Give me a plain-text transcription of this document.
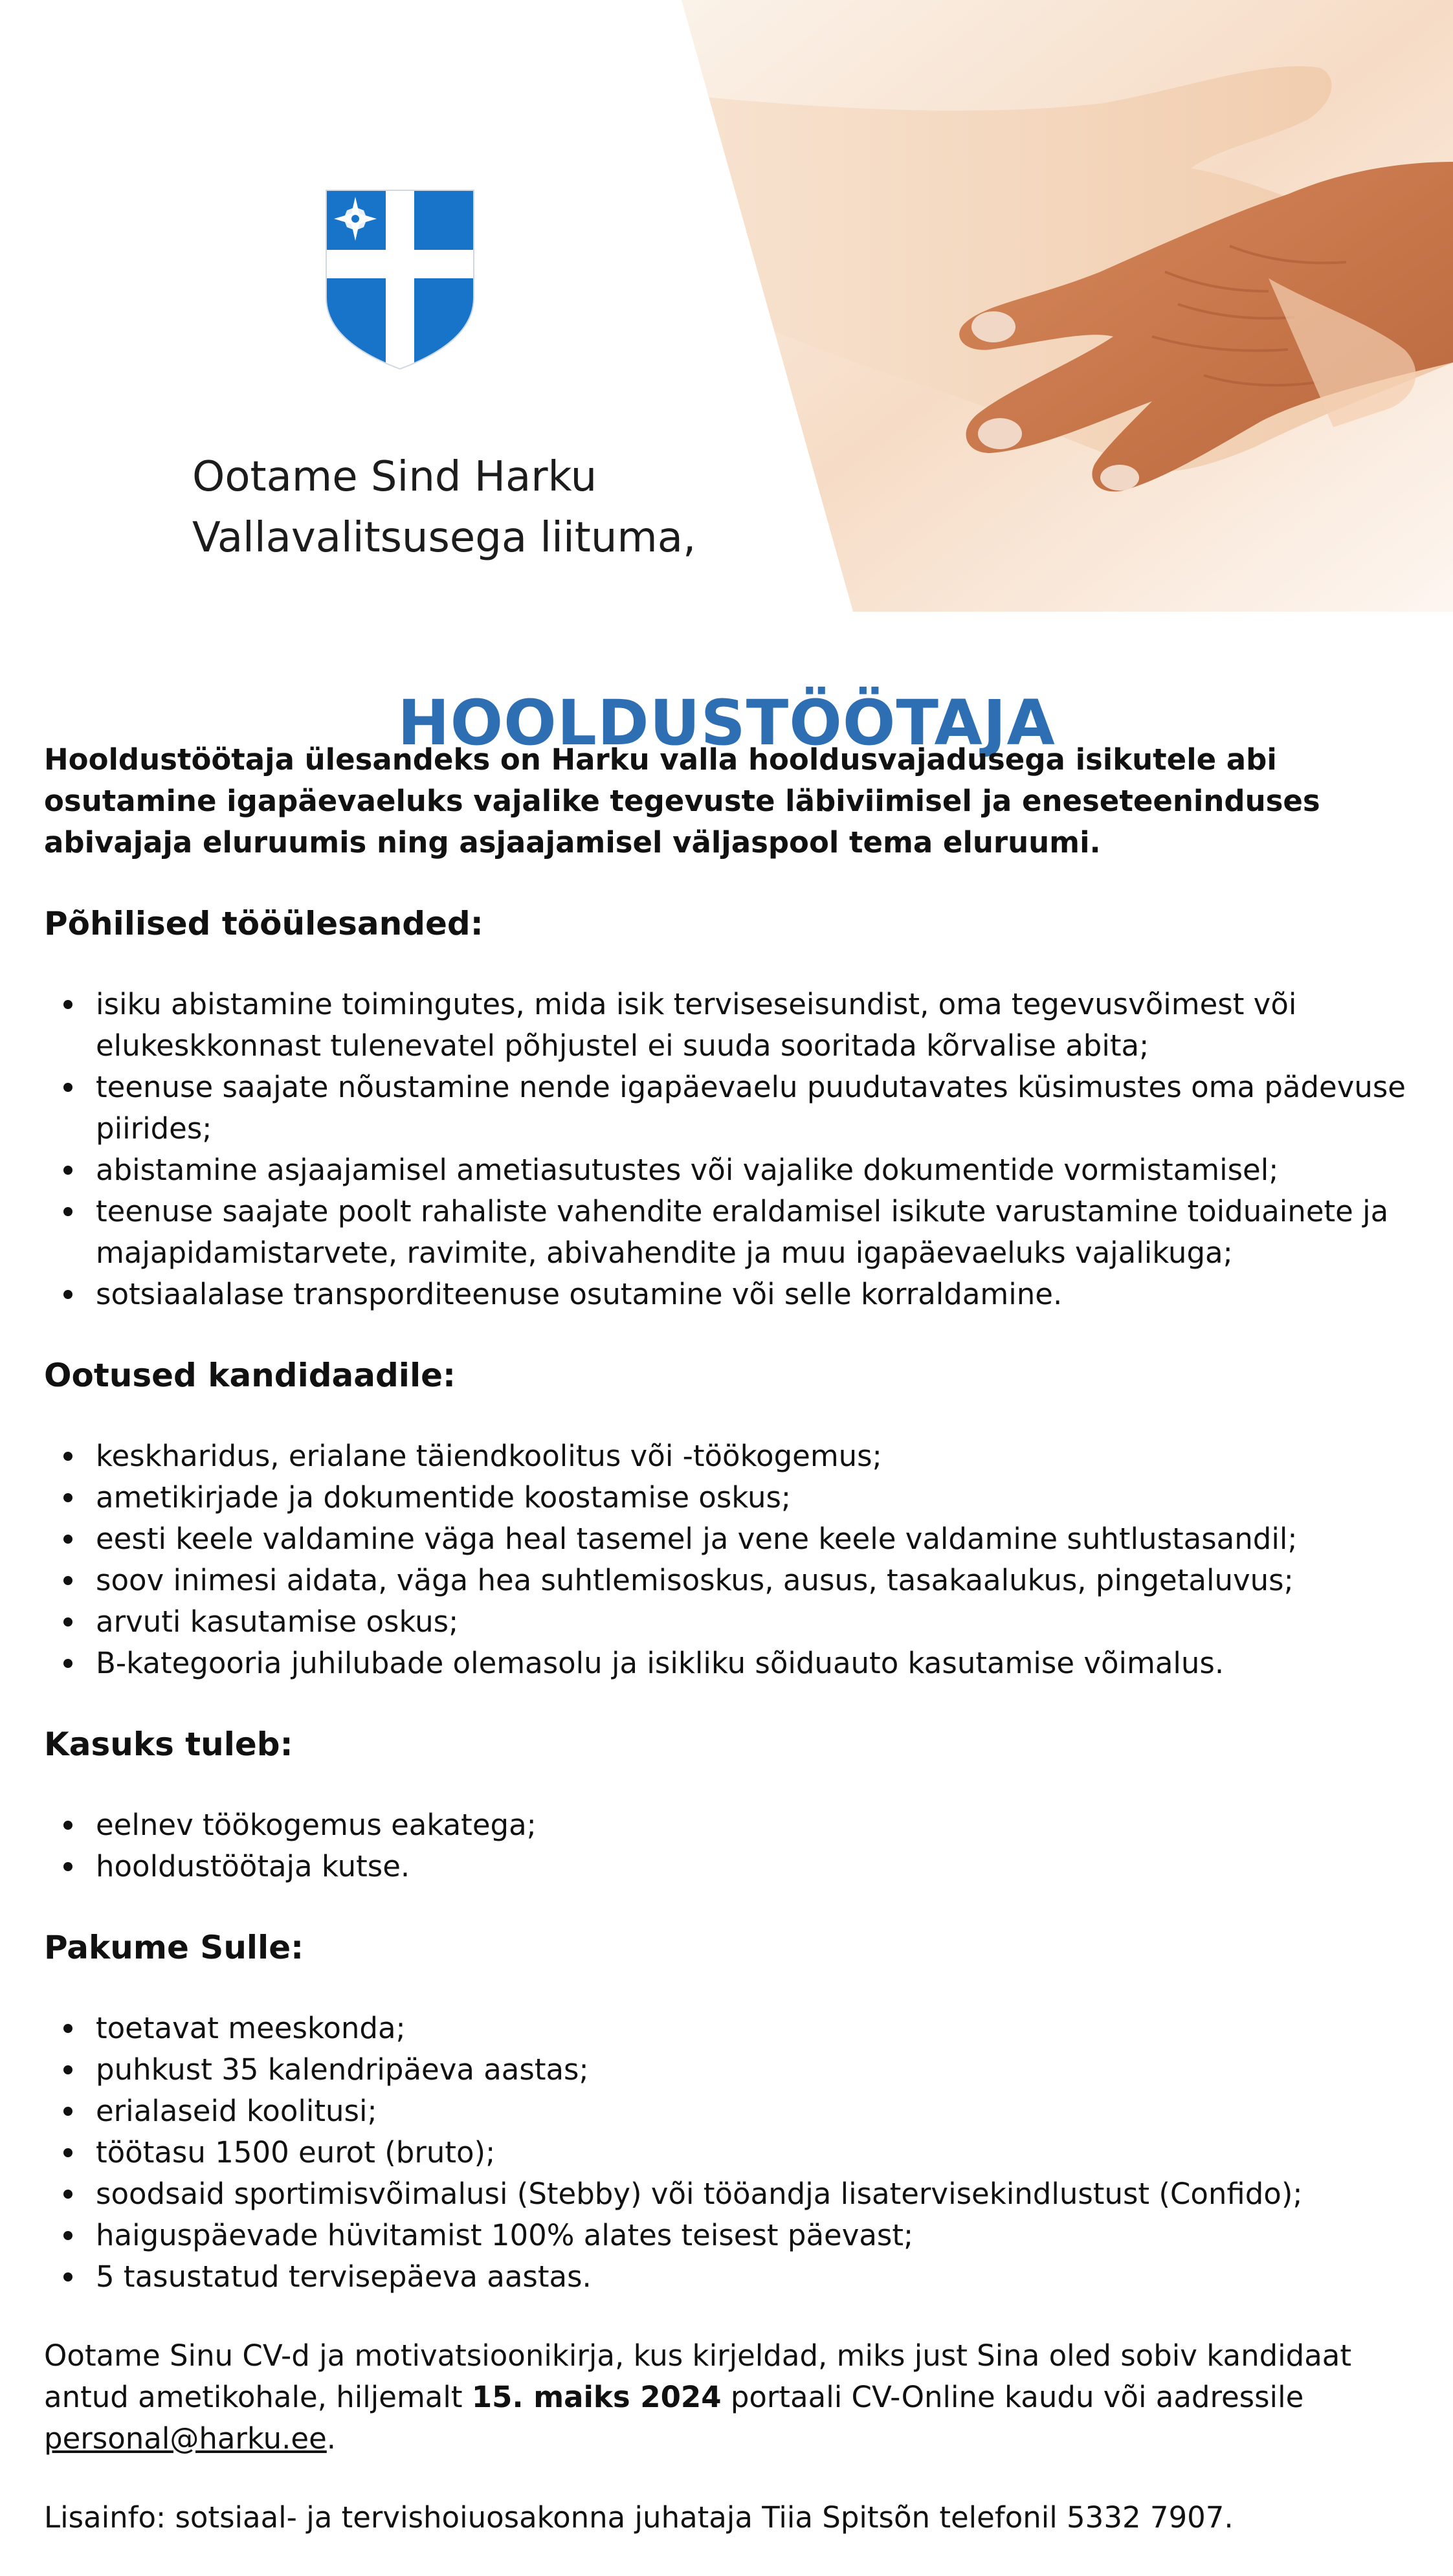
Ootame Sind Harku
Vallavalitsusega liituma,
HOOLDUSTÖÖTAJA

Hooldustöötaja ülesandeks on Harku valla hooldusvajadusega isikutele abi osutamine igapäevaeluks vajalike tegevuste läbiviimisel ja eneseteeninduses abivajaja eluruumis ning asjaajamisel väljaspool tema eluruumi.

Põhilised tööülesanded:
isiku abistamine toimingutes, mida isik terviseseisundist, oma tegevusvõimest või elukeskkonnast tulenevatel põhjustel ei suuda sooritada kõrvalise abita;
teenuse saajate nõustamine nende igapäevaelu puudutavates küsimustes oma pädevuse piirides;
abistamine asjaajamisel ametiasutustes või vajalike dokumentide vormistamisel;
teenuse saajate poolt rahaliste vahendite eraldamisel isikute varustamine toiduainete ja majapidamistarvete, ravimite, abivahendite ja muu igapäevaeluks vajalikuga;
sotsiaalalase transporditeenuse osutamine või selle korraldamine.
Ootused kandidaadile:
keskharidus, erialane täiendkoolitus või -töökogemus;
ametikirjade ja dokumentide koostamise oskus;
eesti keele valdamine väga heal tasemel ja vene keele valdamine suhtlustasandil;
soov inimesi aidata, väga hea suhtlemisoskus, ausus, tasakaalukus, pingetaluvus;
arvuti kasutamise oskus;
B-kategooria juhilubade olemasolu ja isikliku sõiduauto kasutamise võimalus.
Kasuks tuleb:
eelnev töökogemus eakatega;
hooldustöötaja kutse.
Pakume Sulle:
toetavat meeskonda;
puhkust 35 kalendripäeva aastas;
erialaseid koolitusi;
töötasu 1500 eurot (bruto);
soodsaid sportimisvõimalusi (Stebby) või tööandja lisatervisekindlustust (Confido);
haiguspäevade hüvitamist 100% alates teisest päevast;
5 tasustatud tervisepäeva aastas.

Ootame Sinu CV-d ja motivatsioonikirja, kus kirjeldad, miks just Sina oled sobiv kandidaat antud ametikohale, hiljemalt 15. maiks 2024 portaali CV-Online kaudu või aadressile personal@harku.ee.

Lisainfo: sotsiaal- ja tervishoiuosakonna juhataja Tiia Spitsõn telefonil 5332 7907.
